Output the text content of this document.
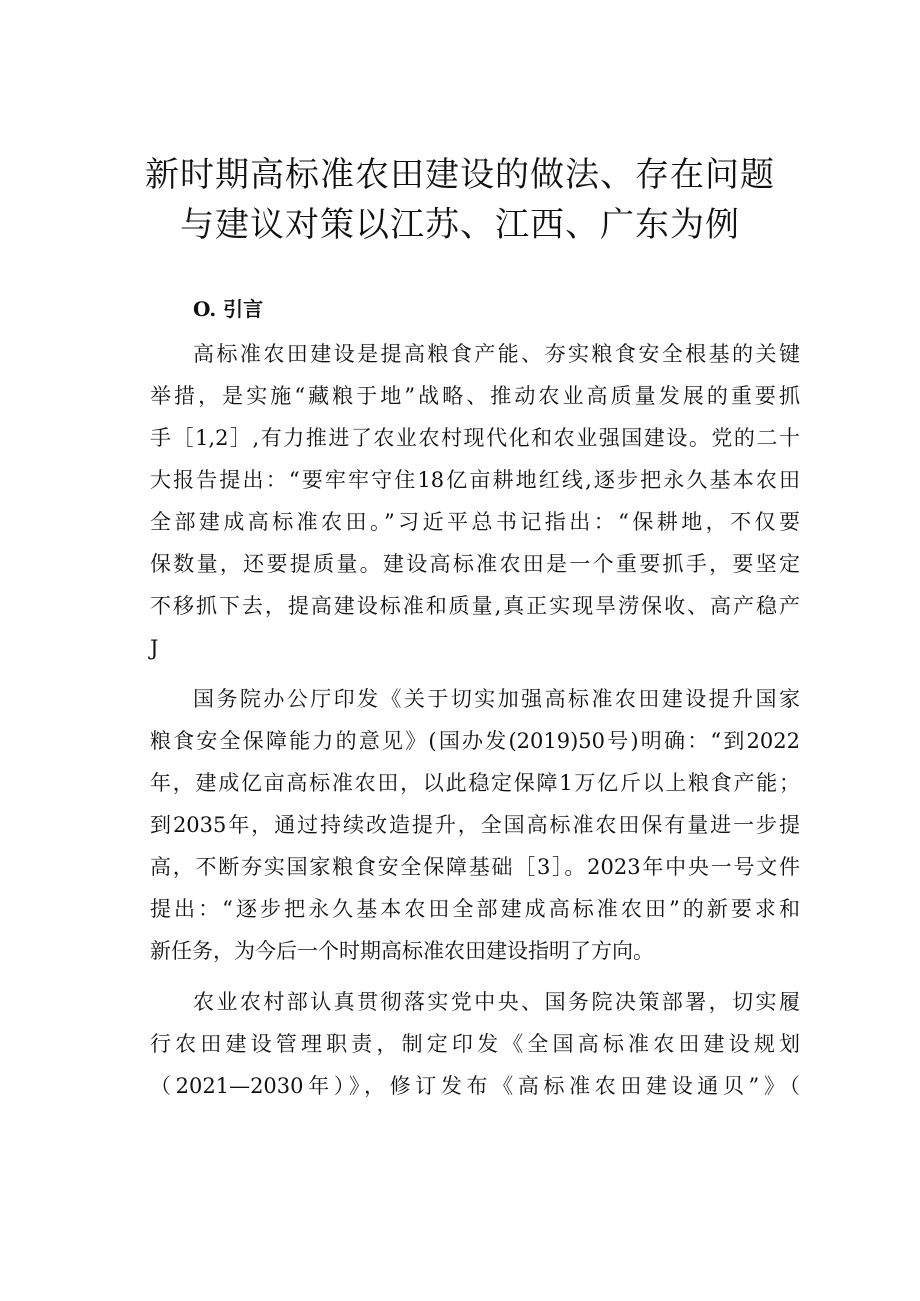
新时期高标准农田建设的做法、存在问题
与建议对策以江苏、江西、广东为例
O. 引言
高标准农田建设是提高粮食产能、夯实粮食安全根基的关键
举措，是实施“藏粮于地”战略、推动农业高质量发展的重要抓
手［1,2］,有力推进了农业农村现代化和农业强国建设。党的二十
大报告提出：“要牢牢守住18亿亩耕地红线,逐步把永久基本农田
全部建成高标准农田。”习近平总书记指出：“保耕地，不仅要
保数量，还要提质量。建设高标准农田是一个重要抓手，要坚定
不移抓下去，提高建设标准和质量,真正实现旱涝保收、高产稳产
J
国务院办公厅印发《关于切实加强高标准农田建设提升国家
粮食安全保障能力的意见》(国办发(2019)50号)明确：“到2022
年，建成亿亩高标准农田，以此稳定保障1万亿斤以上粮食产能；
到2035年，通过持续改造提升，全国高标准农田保有量进一步提
高，不断夯实国家粮食安全保障基础［3］。2023年中央一号文件
提出：“逐步把永久基本农田全部建成高标准农田”的新要求和
新任务，为今后一个时期高标准农田建设指明了方向。
农业农村部认真贯彻落实党中央、国务院决策部署，切实履
行农田建设管理职责，制定印发《全国高标准农田建设规划
（2021—2030年）》，修订发布《高标准农田建设通贝”》（
